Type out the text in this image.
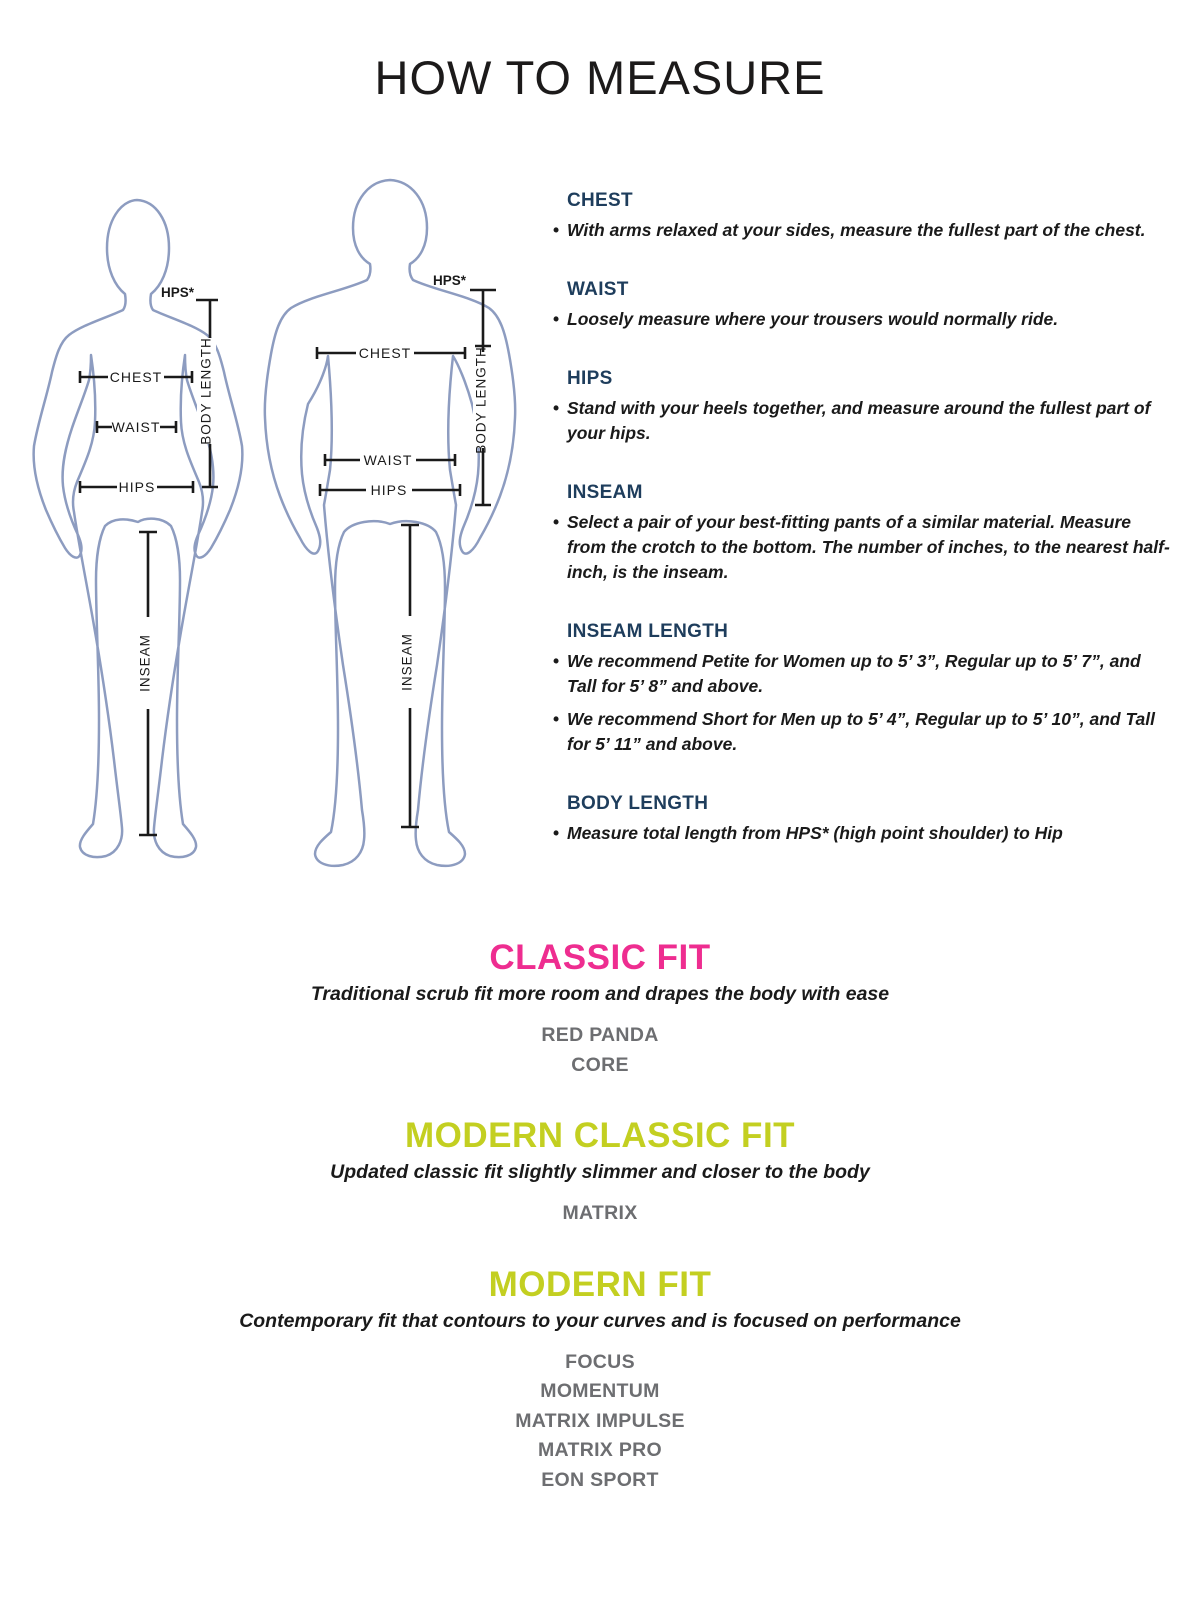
HOW TO MEASURE
HPS*
CHEST
WAIST
HIPS
BODY LENGTH
INSEAM
HPS*
CHEST
WAIST
HIPS
BODY LENGTH
INSEAM
CHEST

• With arms relaxed at your sides, measure the fullest part of the chest.

WAIST

• Loosely measure where your trousers would normally ride.

HIPS

• Stand with your heels together, and measure around the fullest part of your hips.

INSEAM

• Select a pair of your best-fitting pants of a similar material. Measure from the crotch to the bottom. The number of inches, to the nearest half-inch, is the inseam.

INSEAM LENGTH

• We recommend Petite for Women up to 5’ 3”, Regular up to 5’ 7”, and Tall for 5’ 8” and above.

• We recommend Short for Men up to 5’ 4”, Regular up to 5’ 10”, and Tall for 5’ 11” and above.

BODY LENGTH

• Measure total length from HPS* (high point shoulder) to Hip

CLASSIC FIT

Traditional scrub fit more room and drapes the body with ease

RED PANDA
CORE
MODERN CLASSIC FIT

Updated classic fit slightly slimmer and closer to the body

MATRIX
MODERN FIT

Contemporary fit that contours to your curves and is focused on performance

FOCUS
MOMENTUM
MATRIX IMPULSE
MATRIX PRO
EON SPORT
